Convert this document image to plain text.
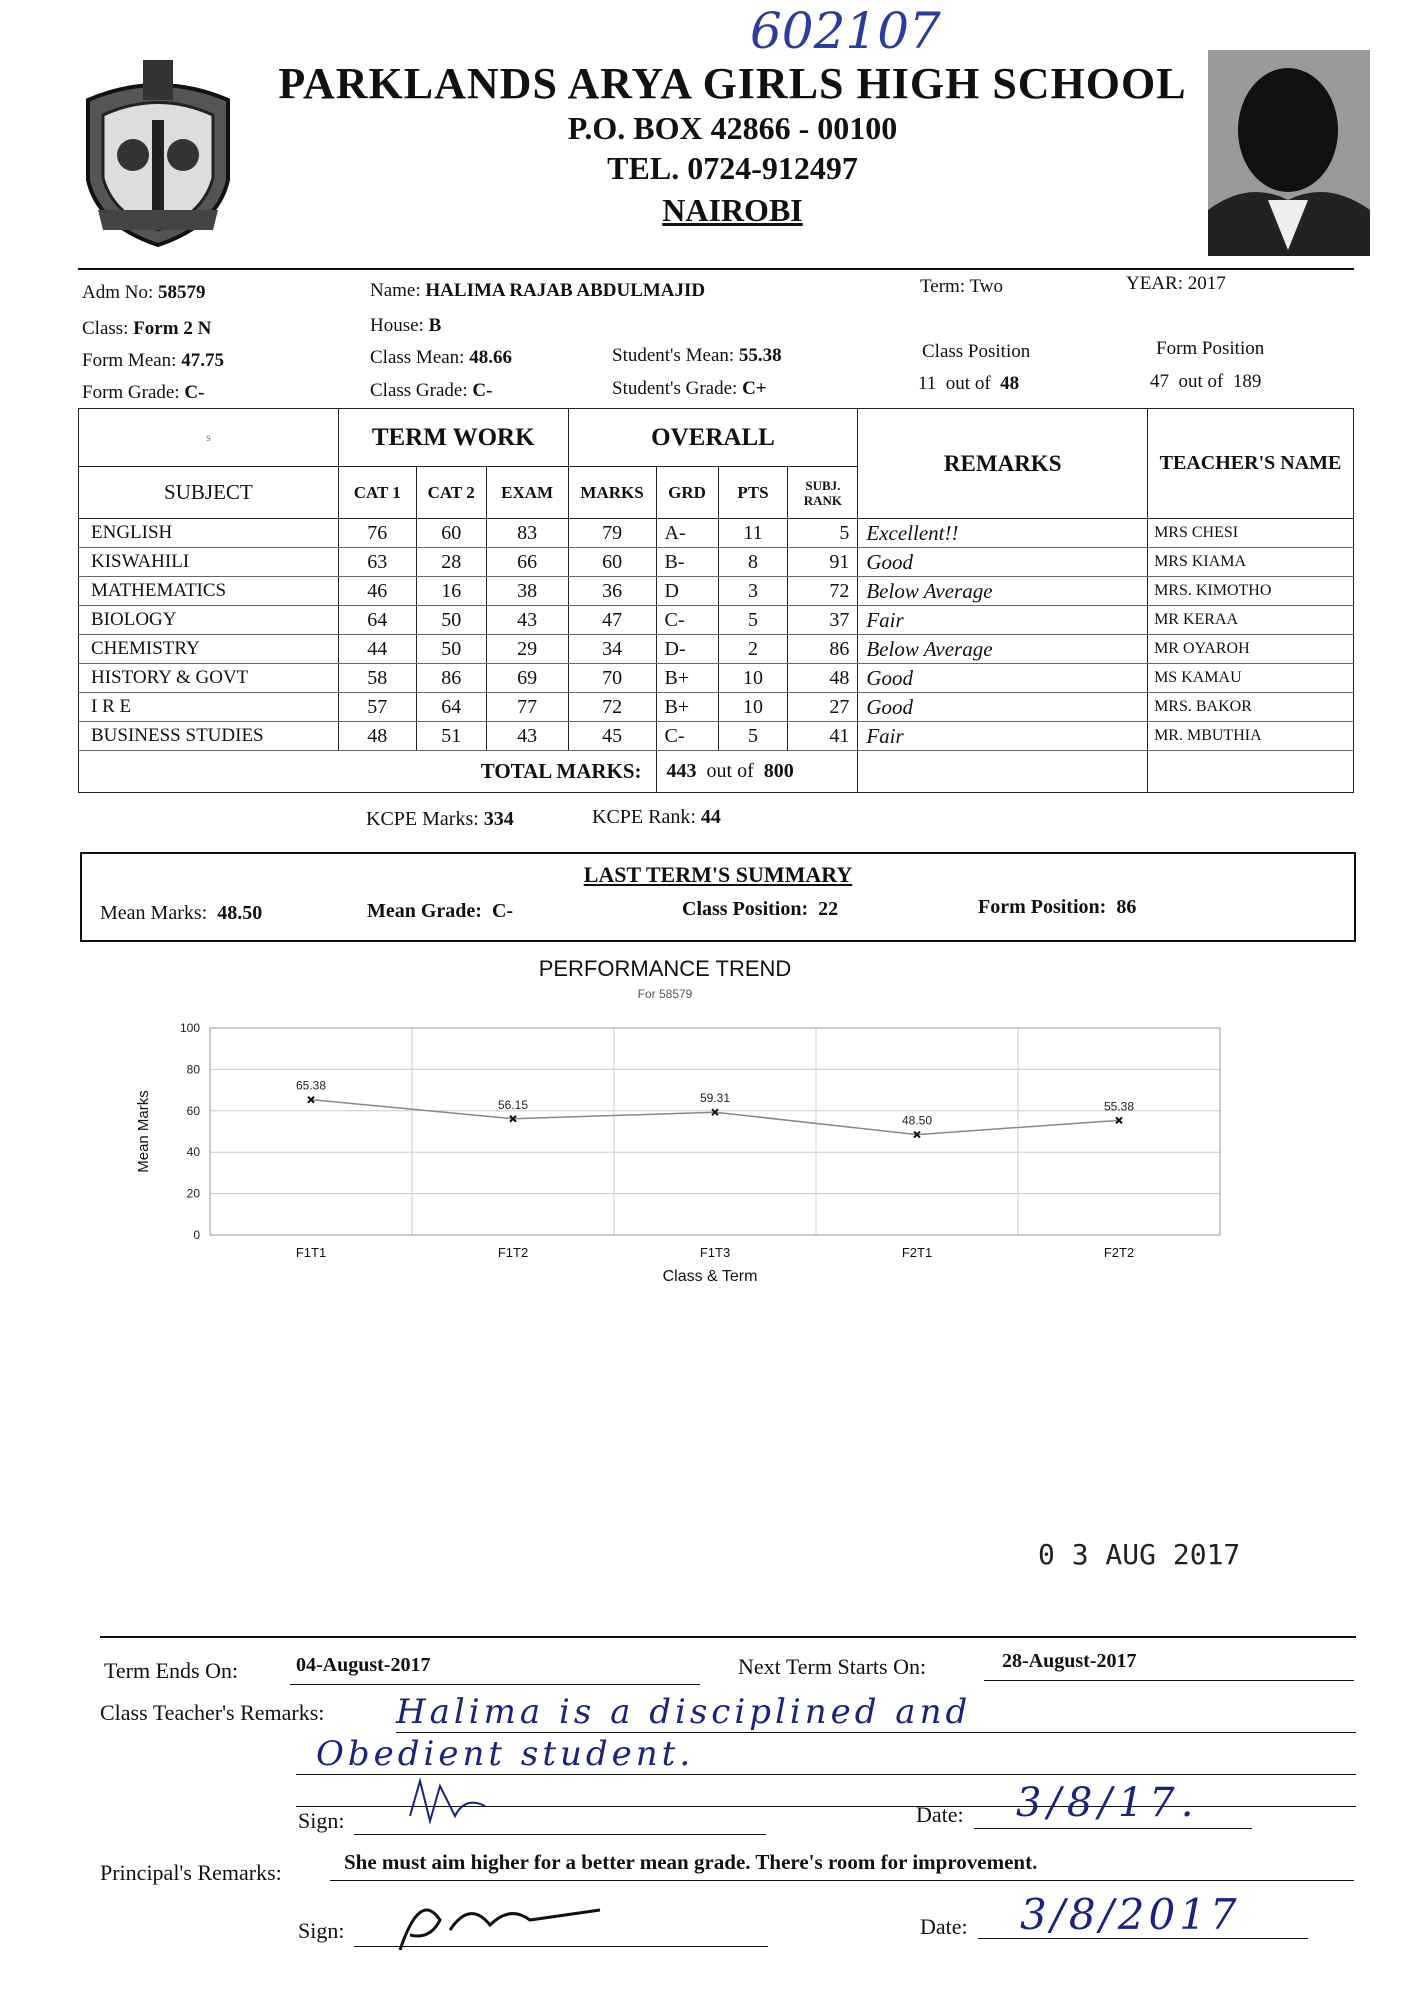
602107
PARKLANDS ARYA GIRLS HIGH SCHOOL
P.O. BOX 42866 - 00100
TEL. 0724-912497
NAIROBI
Adm No: 58579
Class: Form 2 N
Form Mean: 47.75
Form Grade: C-
Name: HALIMA RAJAB ABDULMAJID
House: B
Class Mean: 48.66
Class Grade: C-
Student's Mean: 55.38
Student's Grade: C+
Term: Two	YEAR: 2017
Class Position
11 out of 48
Form Position
47 out of 189
s	TERM WORK			OVERALL				REMARKS	TEACHER'S NAME
SUBJECT	CAT 1	CAT 2	EXAM	MARKS	GRD	PTS	SUBJ. RANK		
ENGLISH	76	60	83	79	A-	11	5	Excellent!!	MRS CHESI
KISWAHILI	63	28	66	60	B-	8	91	Good	MRS KIAMA
MATHEMATICS	46	16	38	36	D	3	72	Below Average	MRS. KIMOTHO
BIOLOGY	64	50	43	47	C-	5	37	Fair	MR KERAA
CHEMISTRY	44	50	29	34	D-	2	86	Below Average	MR OYAROH
HISTORY & GOVT	58	86	69	70	B+	10	48	Good	MS KAMAU
I R E	57	64	77	72	B+	10	27	Good	MRS. BAKOR
BUSINESS STUDIES	48	51	43	45	C-	5	41	Fair	MR. MBUTHIA
TOTAL MARKS:					443 out of 800				
KCPE Marks: 334	KCPE Rank: 44
LAST TERM'S SUMMARY
Mean Marks: 48.50	Mean Grade: C-	Class Position: 22	Form Position: 86
PERFORMANCE TREND
For 58579
0
20
40
60
80
100
65.38
56.15	59.31
48.50
55.38
F1T1	F1T2	F1T3	F2T1	F2T2
Class & Term
Mean Marks
0 3 AUG 2017
Term Ends On:	04-August-2017	Next Term Starts On:	28-August-2017
Class Teacher's Remarks: Halima is a disciplined and
Obedient student.
Sign:	Date:	3/8/17.
Principal's Remarks:	She must aim higher for a better mean grade. There's room for improvement.
Sign:	Date:	3/8/2017
